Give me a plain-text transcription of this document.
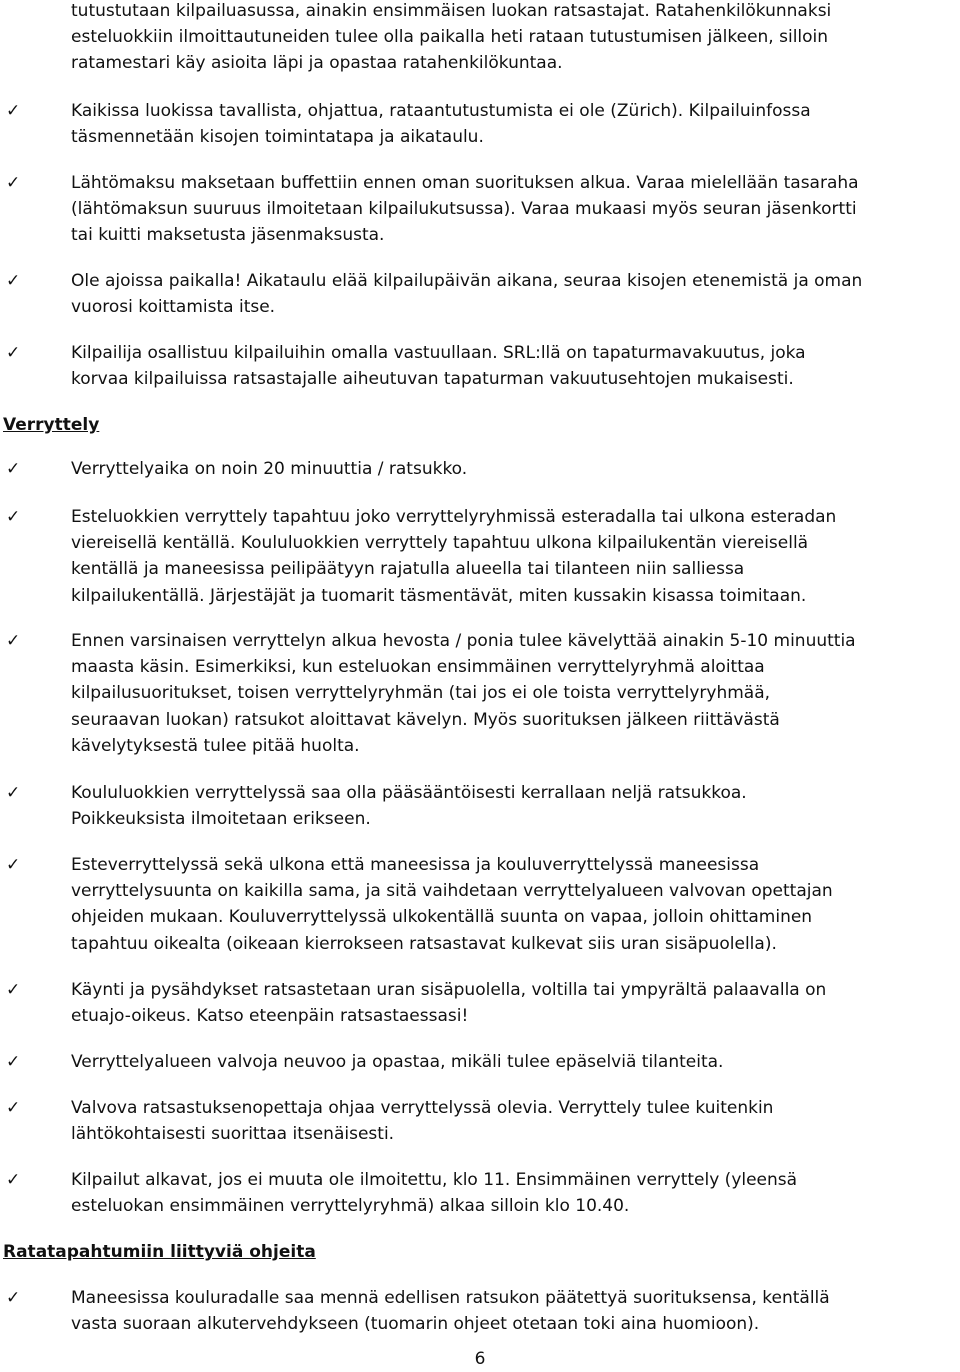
tutustutaan kilpailuasussa, ainakin ensimmäisen luokan ratsastajat. Ratahenkilökunnaksi
esteluokkiin ilmoittautuneiden tulee olla paikalla heti rataan tutustumisen jälkeen, silloin
ratamestari käy asioita läpi ja opastaa ratahenkilökuntaa.

✓	Kaikissa luokissa tavallista, ohjattua, rataantutustumista ei ole (Zürich). Kilpailuinfossa
täsmennetään kisojen toimintatapa ja aikataulu.

✓	Lähtömaksu maksetaan buffettiin ennen oman suorituksen alkua. Varaa mielellään tasaraha
(lähtömaksun suuruus ilmoitetaan kilpailukutsussa). Varaa mukaasi myös seuran jäsenkortti
tai kuitti maksetusta jäsenmaksusta.

✓	Ole ajoissa paikalla! Aikataulu elää kilpailupäivän aikana, seuraa kisojen etenemistä ja oman
vuorosi koittamista itse.

✓	Kilpailija osallistuu kilpailuihin omalla vastuullaan. SRL:llä on tapaturmavakuutus, joka
korvaa kilpailuissa ratsastajalle aiheutuvan tapaturman vakuutusehtojen mukaisesti.

Verryttely

✓	Verryttelyaika on noin 20 minuuttia / ratsukko.

✓	Esteluokkien verryttely tapahtuu joko verryttelyryhmissä esteradalla tai ulkona esteradan
viereisellä kentällä. Koululuokkien verryttely tapahtuu ulkona kilpailukentän viereisellä
kentällä ja maneesissa peilipäätyyn rajatulla alueella tai tilanteen niin salliessa
kilpailukentällä. Järjestäjät ja tuomarit täsmentävät, miten kussakin kisassa toimitaan.

✓	Ennen varsinaisen verryttelyn alkua hevosta / ponia tulee kävelyttää ainakin 5-10 minuuttia
maasta käsin. Esimerkiksi, kun esteluokan ensimmäinen verryttelyryhmä aloittaa
kilpailusuoritukset, toisen verryttelyryhmän (tai jos ei ole toista verryttelyryhmää,
seuraavan luokan) ratsukot aloittavat kävelyn. Myös suorituksen jälkeen riittävästä
kävelytyksestä tulee pitää huolta.

✓	Koululuokkien verryttelyssä saa olla pääsääntöisesti kerrallaan neljä ratsukkoa.
Poikkeuksista ilmoitetaan erikseen.

✓	Esteverryttelyssä sekä ulkona että maneesissa ja kouluverryttelyssä maneesissa
verryttelysuunta on kaikilla sama, ja sitä vaihdetaan verryttelyalueen valvovan opettajan
ohjeiden mukaan. Kouluverryttelyssä ulkokentällä suunta on vapaa, jolloin ohittaminen
tapahtuu oikealta (oikeaan kierrokseen ratsastavat kulkevat siis uran sisäpuolella).

✓	Käynti ja pysähdykset ratsastetaan uran sisäpuolella, voltilla tai ympyrältä palaavalla on
etuajo-oikeus. Katso eteenpäin ratsastaessasi!

✓	Verryttelyalueen valvoja neuvoo ja opastaa, mikäli tulee epäselviä tilanteita.

✓	Valvova ratsastuksenopettaja ohjaa verryttelyssä olevia. Verryttely tulee kuitenkin
lähtökohtaisesti suorittaa itsenäisesti.

✓	Kilpailut alkavat, jos ei muuta ole ilmoitettu, klo 11. Ensimmäinen verryttely (yleensä
esteluokan ensimmäinen verryttelyryhmä) alkaa silloin klo 10.40.

Ratatapahtumiin liittyviä ohjeita

✓	Maneesissa kouluradalle saa mennä edellisen ratsukon päätettyä suorituksensa, kentällä
vasta suoraan alkutervehdykseen (tuomarin ohjeet otetaan toki aina huomioon).

6
